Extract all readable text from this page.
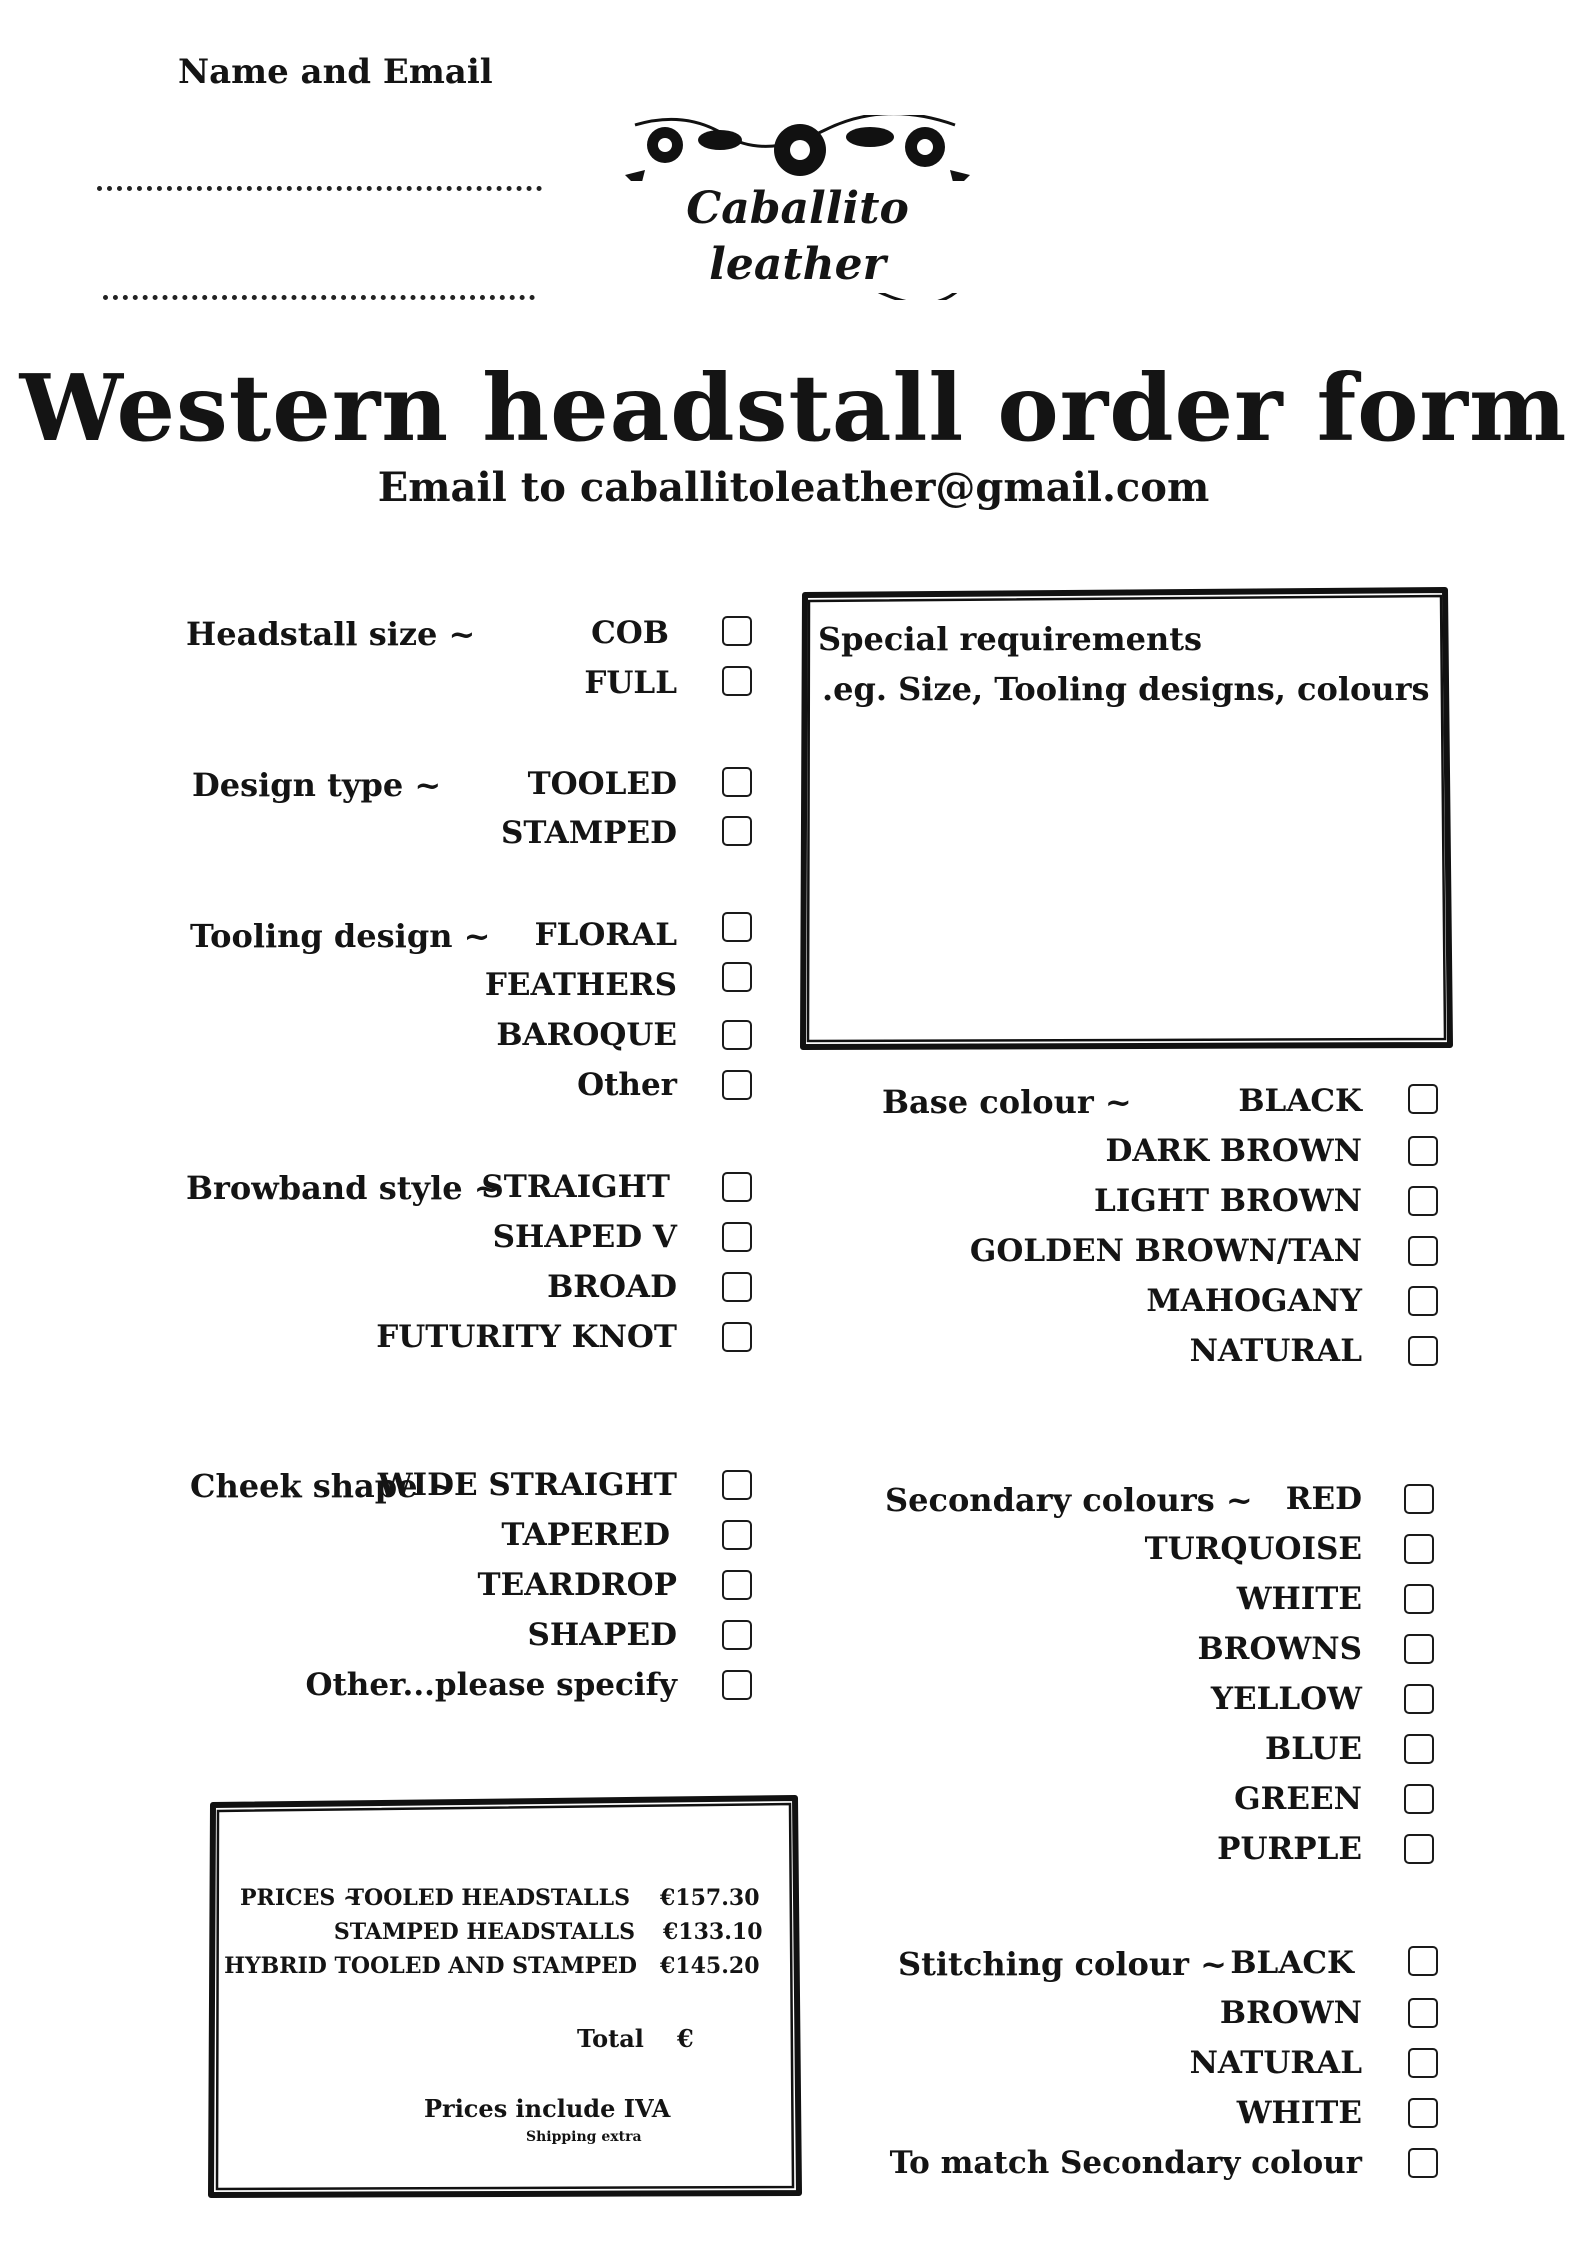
Name and Email
Caballito leather
Western headstall order form
Email to caballitoleather@gmail.com
Special requirements
.eg. Size, Tooling designs, colours
PRICES ~
TOOLED HEADSTALLS €157.30
STAMPED HEADSTALLS €133.10
HYBRID TOOLED AND STAMPED €145.20
Total €
Prices include IVA
Shipping extra
Headstall size ~	COB
FULL
Design type ~	TOOLED
STAMPED
Tooling design ~ FLORAL
FEATHERS
BAROQUE
Other
Browband style ~
STRAIGHT
SHAPED V
BROAD
FUTURITY KNOT
Cheek shape ~
WIDE STRAIGHT
TAPERED
TEARDROP
SHAPED
Other...please specify
Base colour ~	BLACK
DARK BROWN
LIGHT BROWN
GOLDEN BROWN/TAN
MAHOGANY
NATURAL
Secondary colours ~ RED
TURQUOISE
WHITE
BROWNS
YELLOW
BLUE
GREEN
PURPLE
Stitching colour ~ BLACK
BROWN
NATURAL
WHITE
To match Secondary colour
